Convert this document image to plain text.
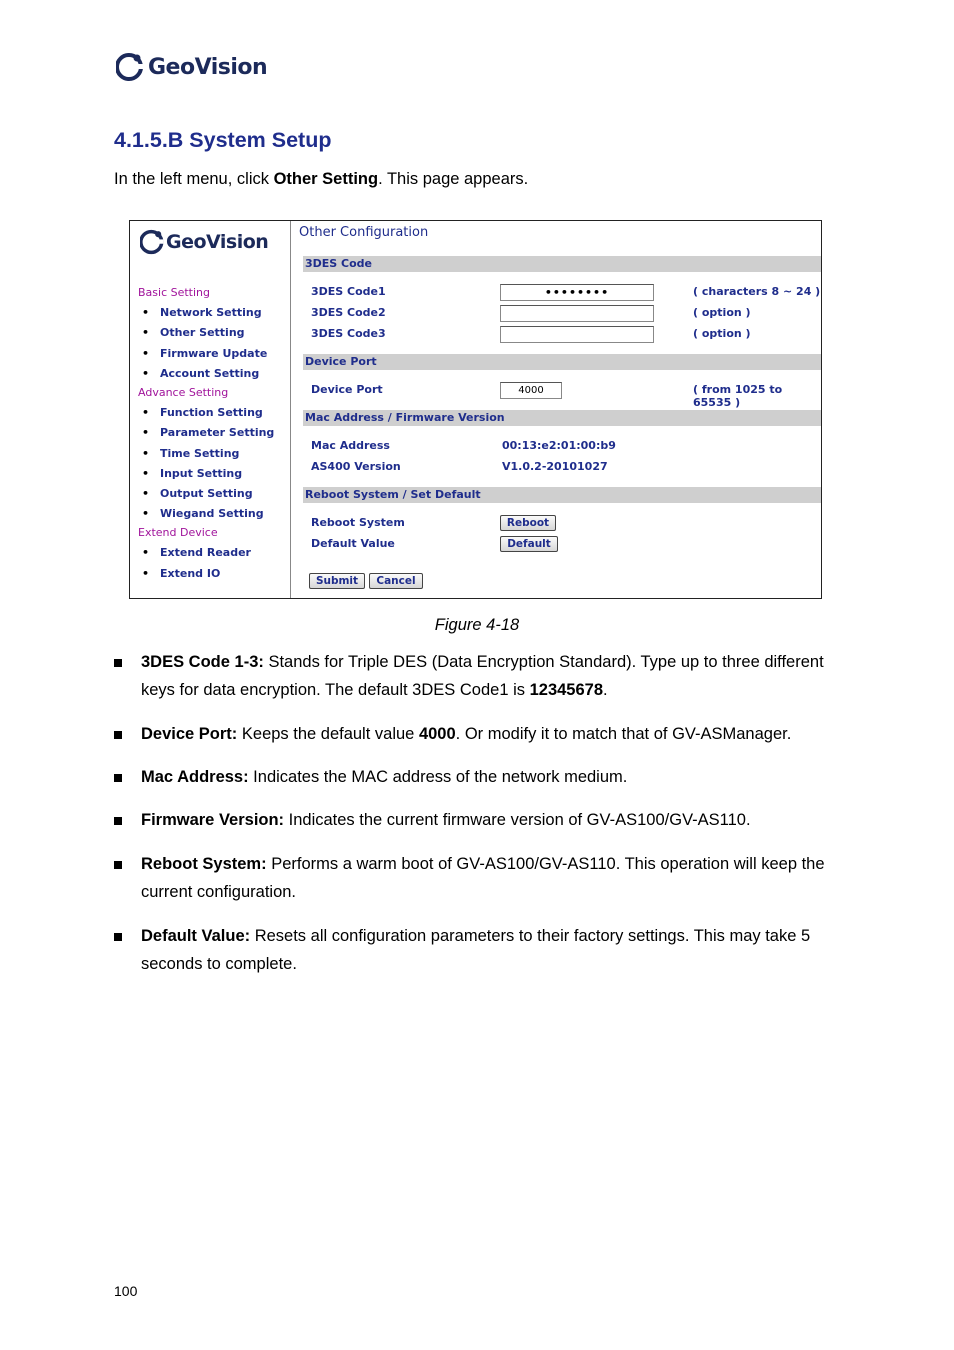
GeoVision
4.1.5.B System Setup
In the left menu, click Other Setting. This page appears.
GeoVision
Basic Setting
• Network Setting
• Other Setting
• Firmware Update
• Account Setting
Advance Setting
• Function Setting
• Parameter Setting
• Time Setting
• Input Setting
• Output Setting
• Wiegand Setting
Extend Device
• Extend Reader
• Extend IO
Other Configuration
3DES Code
3DES Code1	••••••••	( characters 8 ~ 24 )
3DES Code2	( option )
3DES Code3	( option )
Device Port
Device Port	4000	( from 1025 to 65535 )
Mac Address / Firmware Version
Mac Address	00:13:e2:01:00:b9
AS400 Version	V1.0.2-20101027
Reboot System / Set Default
Reboot System	Reboot
Default Value	Default
Submit	Cancel
Figure 4-18
3DES Code 1-3: Stands for Triple DES (Data Encryption Standard). Type up to three different keys for data encryption. The default 3DES Code1 is 12345678.
Device Port: Keeps the default value 4000. Or modify it to match that of GV-ASManager.
Mac Address: Indicates the MAC address of the network medium.
Firmware Version: Indicates the current firmware version of GV-AS100/GV-AS110.
Reboot System: Performs a warm boot of GV-AS100/GV-AS110. This operation will keep the current configuration.
Default Value: Resets all configuration parameters to their factory settings. This may take 5 seconds to complete.
100
